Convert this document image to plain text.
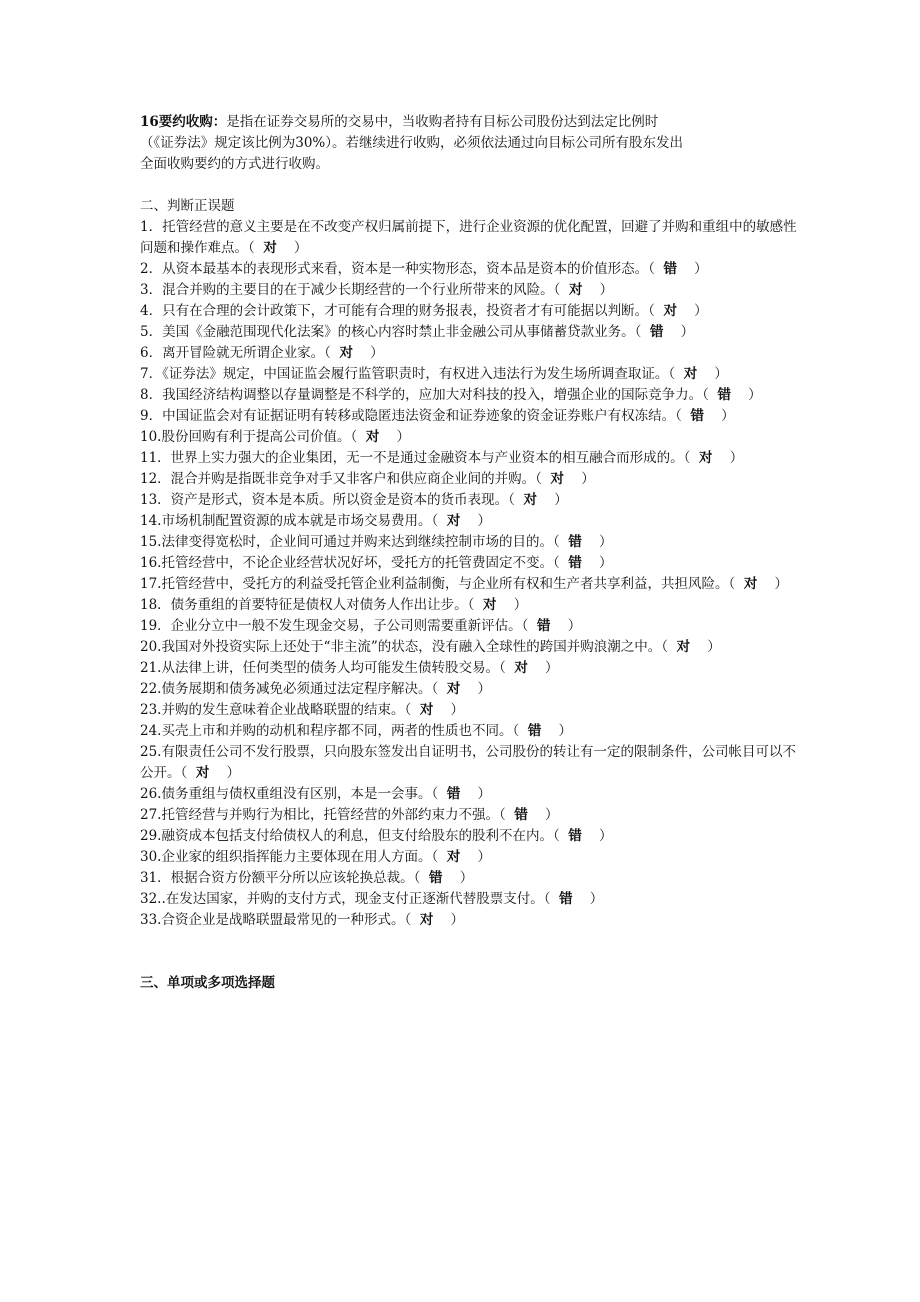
16要约收购：是指在证券交易所的交易中，当收购者持有目标公司股份达到法定比例时
（《证券法》规定该比例为30%）。若继续进行收购，必须依法通过向目标公司所有股东发出
全面收购要约的方式进行收购。

二、判断正误题

1．托管经营的意义主要是在不改变产权归属前提下，进行企业资源的优化配置，回避了并购和重组中的敏感性问题和操作难点。（ 对 ）

2．从资本最基本的表现形式来看，资本是一种实物形态，资本品是资本的价值形态。（ 错 ）

3．混合并购的主要目的在于减少长期经营的一个行业所带来的风险。（ 对 ）

4．只有在合理的会计政策下，才可能有合理的财务报表，投资者才有可能据以判断。（ 对 ）

5．美国《金融范围现代化法案》的核心内容时禁止非金融公司从事储蓄贷款业务。（ 错 ）

6．离开冒险就无所谓企业家。（ 对 ）

7．《证券法》规定，中国证监会履行监管职责时，有权进入违法行为发生场所调查取证。（ 对 ）

8．我国经济结构调整以存量调整是不科学的，应加大对科技的投入，增强企业的国际竞争力。（ 错 ）

9．中国证监会对有证据证明有转移或隐匿违法资金和证券迹象的资金证券账户有权冻结。（ 错 ）

10.股份回购有利于提高公司价值。（ 对 ）

11．世界上实力强大的企业集团，无一不是通过金融资本与产业资本的相互融合而形成的。（ 对 ）

12．混合并购是指既非竞争对手又非客户和供应商企业间的并购。（ 对 ）

13．资产是形式，资本是本质。所以资金是资本的货币表现。（ 对 ）

14.市场机制配置资源的成本就是市场交易费用。（ 对 ）

15.法律变得宽松时，企业间可通过并购来达到继续控制市场的目的。（ 错 ）

16.托管经营中，不论企业经营状况好坏，受托方的托管费固定不变。（ 错 ）

17.托管经营中，受托方的利益受托管企业利益制衡，与企业所有权和生产者共享利益，共担风险。（ 对 ）

18．债务重组的首要特征是债权人对债务人作出让步。（ 对 ）

19．企业分立中一般不发生现金交易，子公司则需要重新评估。（ 错 ）

20.我国对外投资实际上还处于“非主流”的状态，没有融入全球性的跨国并购浪潮之中。（ 对 ）

21.从法律上讲，任何类型的债务人均可能发生债转股交易。（ 对 ）

22.债务展期和债务减免必须通过法定程序解决。（ 对 ）

23.并购的发生意味着企业战略联盟的结束。（ 对 ）

24.买壳上市和并购的动机和程序都不同，两者的性质也不同。（ 错 ）

25.有限责任公司不发行股票，只向股东签发出自证明书，公司股份的转让有一定的限制条件，公司帐目可以不公开。（ 对 ）

26.债务重组与债权重组没有区别，本是一会事。（ 错 ）

27.托管经营与并购行为相比，托管经营的外部约束力不强。（ 错 ）

29.融资成本包括支付给债权人的利息，但支付给股东的股利不在内。（ 错 ）

30.企业家的组织指挥能力主要体现在用人方面。（ 对 ）

31．根据合资方份额平分所以应该轮换总裁。（ 错 ）

32..在发达国家，并购的支付方式，现金支付正逐渐代替股票支付。（ 错 ）

33.合资企业是战略联盟最常见的一种形式。（ 对 ）

三、单项或多项选择题
